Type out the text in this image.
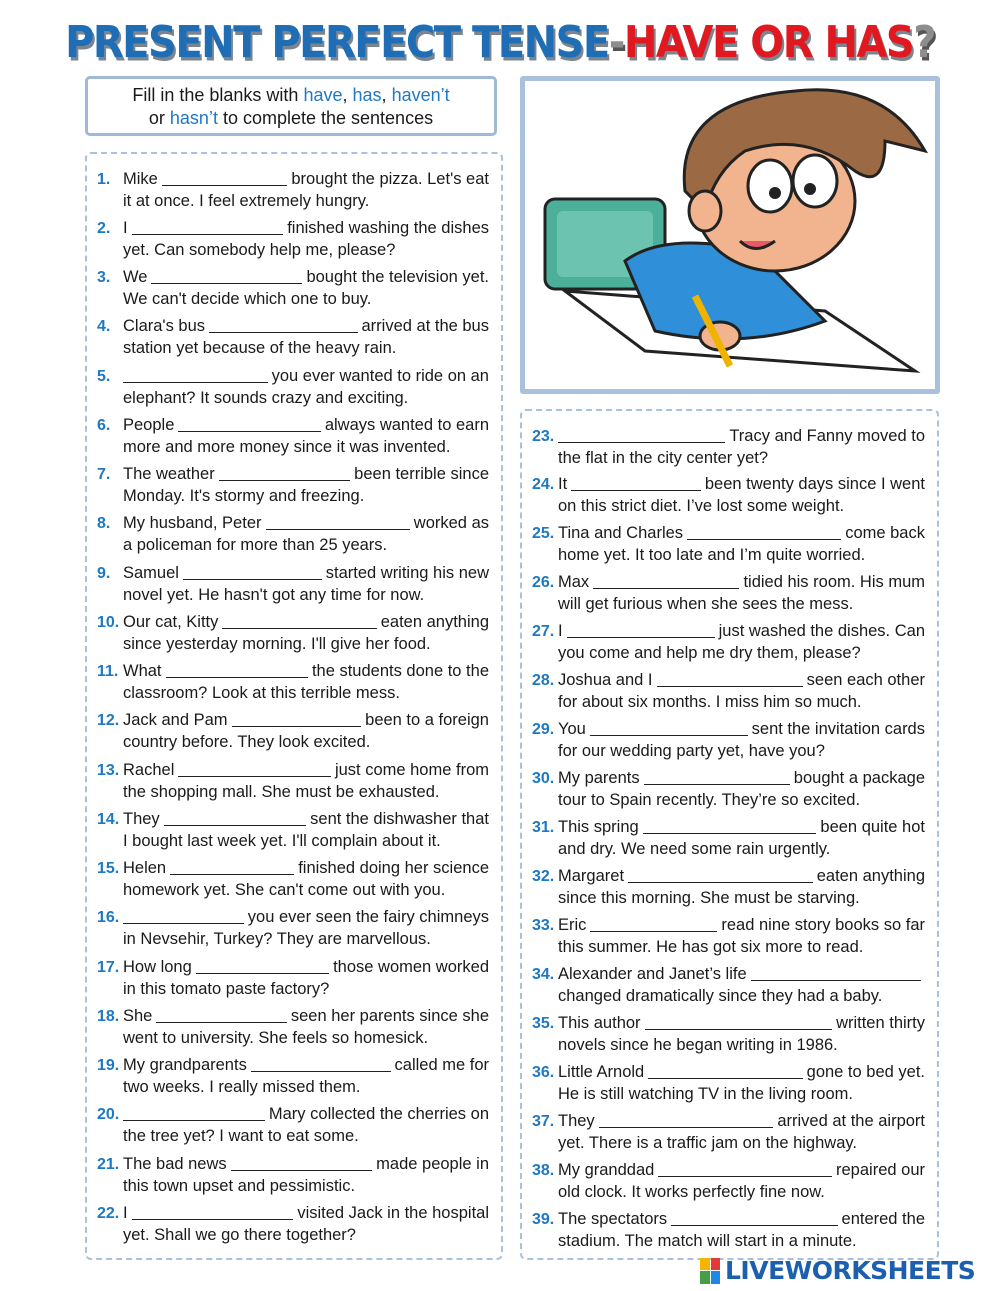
PRESENT PERFECT TENSE-HAVE OR HAS?
Fill in the blanks with have, has, haven’t
or hasn’t to complete the sentences
1. Mike	brought the pizza. Let's eat
it at once. I feel extremely hungry.
2. I	finished washing the dishes
yet. Can somebody help me, please?
3. We	bought the television yet.
We can't decide which one to buy.
4. Clara's bus	arrived at the bus
station yet because of the heavy rain.
5.	you ever wanted to ride on an
elephant? It sounds crazy and exciting.
6. People	always wanted to earn
more and more money since it was invented.
7. The weather	been terrible since
Monday. It's stormy and freezing.
8. My husband, Peter	worked as
a policeman for more than 25 years.
9. Samuel	started writing his new
novel yet. He hasn't got any time for now.
10. Our cat, Kitty	eaten anything
since yesterday morning. I'll give her food.
11. What	the students done to the
classroom? Look at this terrible mess.
12. Jack and Pam	been to a foreign
country before. They look excited.
13. Rachel	just come home from
the shopping mall. She must be exhausted.
14. They	sent the dishwasher that
I bought last week yet. I'll complain about it.
15. Helen	finished doing her science
homework yet. She can't come out with you.
16.	you ever seen the fairy chimneys
in Nevsehir, Turkey? They are marvellous.
17. How long	those women worked
in this tomato paste factory?
18. She	seen her parents since she
went to university. She feels so homesick.
19. My grandparents	called me for
two weeks. I really missed them.
20.	Mary collected the cherries on
the tree yet? I want to eat some.
21. The bad news	made people in
this town upset and pessimistic.
22. I	visited Jack in the hospital
yet. Shall we go there together?
23.	Tracy and Fanny moved to
the flat in the city center yet?
24. It	been twenty days since I went
on this strict diet. I’ve lost some weight.
25. Tina and Charles	come back
home yet. It too late and I’m quite worried.
26. Max	tidied his room. His mum
will get furious when she sees the mess.
27. I	just washed the dishes. Can
you come and help me dry them, please?
28. Joshua and I	seen each other
for about six months. I miss him so much.
29. You	sent the invitation cards
for our wedding party yet, have you?
30. My parents	bought a package
tour to Spain recently. They’re so excited.
31. This spring	been quite hot
and dry. We need some rain urgently.
32. Margaret	eaten anything
since this morning. She must be starving.
33. Eric	read nine story books so far
this summer. He has got six more to read.
34. Alexander and Janet’s life
changed dramatically since they had a baby.
35. This author	written thirty
novels since he began writing in 1986.
36. Little Arnold	gone to bed yet.
He is still watching TV in the living room.
37. They	arrived at the airport
yet. There is a traffic jam on the highway.
38. My granddad	repaired our
old clock. It works perfectly fine now.
39. The spectators	entered the
stadium. The match will start in a minute.
LIVEWORKSHEETS
